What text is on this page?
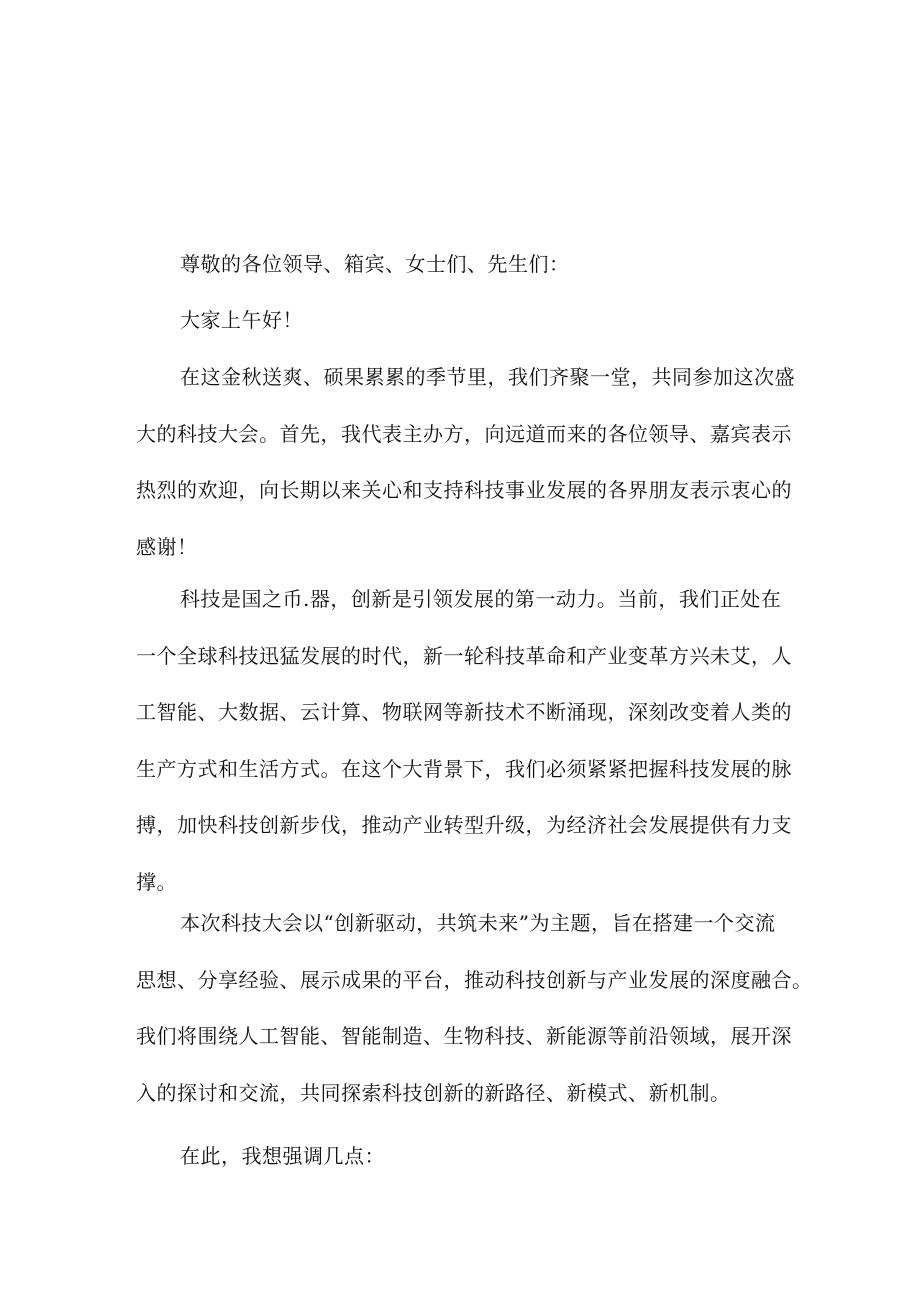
尊敬的各位领导、箱宾、女士们、先生们：

大家上午好！

在这金秋送爽、硕果累累的季节里，我们齐聚一堂，共同参加这次盛
大的科技大会。首先，我代表主办方，向远道而来的各位领导、嘉宾表示
热烈的欢迎，向长期以来关心和支持科技事业发展的各界朋友表示衷心的
感谢！

科技是国之币.器，创新是引领发展的第一动力。当前，我们正处在
一个全球科技迅猛发展的时代，新一轮科技革命和产业变革方兴未艾，人
工智能、大数据、云计算、物联网等新技术不断涌现，深刻改变着人类的
生产方式和生活方式。在这个大背景下，我们必须紧紧把握科技发展的脉
搏，加快科技创新步伐，推动产业转型升级，为经济社会发展提供有力支
撑。

本次科技大会以“创新驱动，共筑未来”为主题，旨在搭建一个交流
思想、分享经验、展示成果的平台，推动科技创新与产业发展的深度融合。
我们将围绕人工智能、智能制造、生物科技、新能源等前沿领域，展开深
入的探讨和交流，共同探索科技创新的新路径、新模式、新机制。

在此，我想强调几点：
